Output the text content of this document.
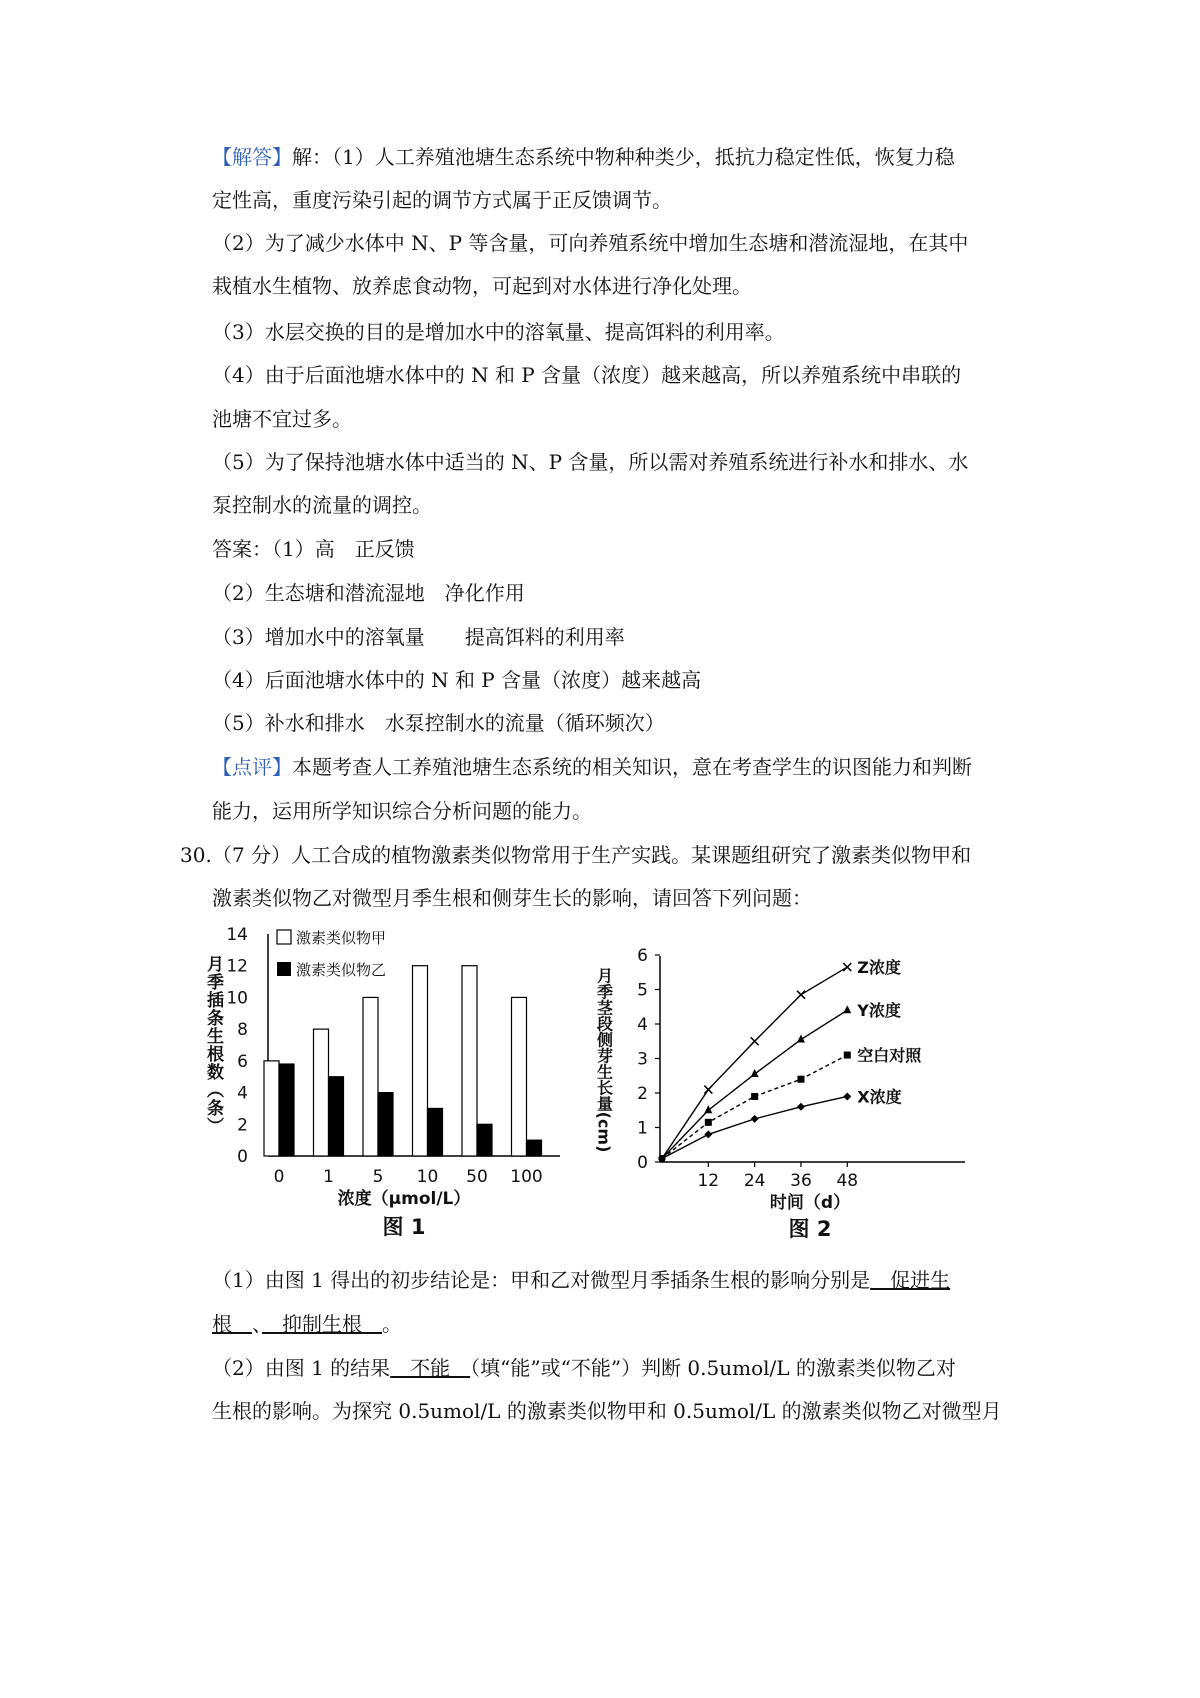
【解答】解：（1）人工养殖池塘生态系统中物种种类少，抵抗力稳定性低，恢复力稳
定性高，重度污染引起的调节方式属于正反馈调节。
（2）为了减少水体中 N、P 等含量，可向养殖系统中增加生态塘和潜流湿地，在其中
栽植水生植物、放养虑食动物，可起到对水体进行净化处理。
（3）水层交换的目的是增加水中的溶氧量、提高饵料的利用率。
（4）由于后面池塘水体中的 N 和 P 含量（浓度）越来越高，所以养殖系统中串联的
池塘不宜过多。
（5）为了保持池塘水体中适当的 N、P 含量，所以需对养殖系统进行补水和排水、水
泵控制水的流量的调控。
答案：（1）高　正反馈
（2）生态塘和潜流湿地　净化作用
（3）增加水中的溶氧量　　提高饵料的利用率
（4）后面池塘水体中的 N 和 P 含量（浓度）越来越高
（5）补水和排水　水泵控制水的流量（循环频次）
【点评】本题考查人工养殖池塘生态系统的相关知识，意在考查学生的识图能力和判断
能力，运用所学知识综合分析问题的能力。
30. （7 分）人工合成的植物激素类似物常用于生产实践。某课题组研究了激素类似物甲和
激素类似物乙对微型月季生根和侧芽生长的影响，请回答下列问题：
0
2
4
6
8
10
12
14
0 1 5 10 50 100
激素类似物甲
激素类似物乙
月季插条生根数（条）
浓度（μmol/L）
图 1
0
1
2
3
4
5
6
12 24 36 48
Z浓度
Y浓度
空白对照
X浓度
月季茎段侧芽生长量(cm)
时间（d）
图 2
（1）由图 1 得出的初步结论是：甲和乙对微型月季插条生根的影响分别是　促进生
根　、　抑制生根　。
（2）由图 1 的结果　不能　（填“能”或“不能”）判断 0.5umol/L 的激素类似物乙对
生根的影响。为探究 0.5umol/L 的激素类似物甲和 0.5umol/L 的激素类似物乙对微型月
